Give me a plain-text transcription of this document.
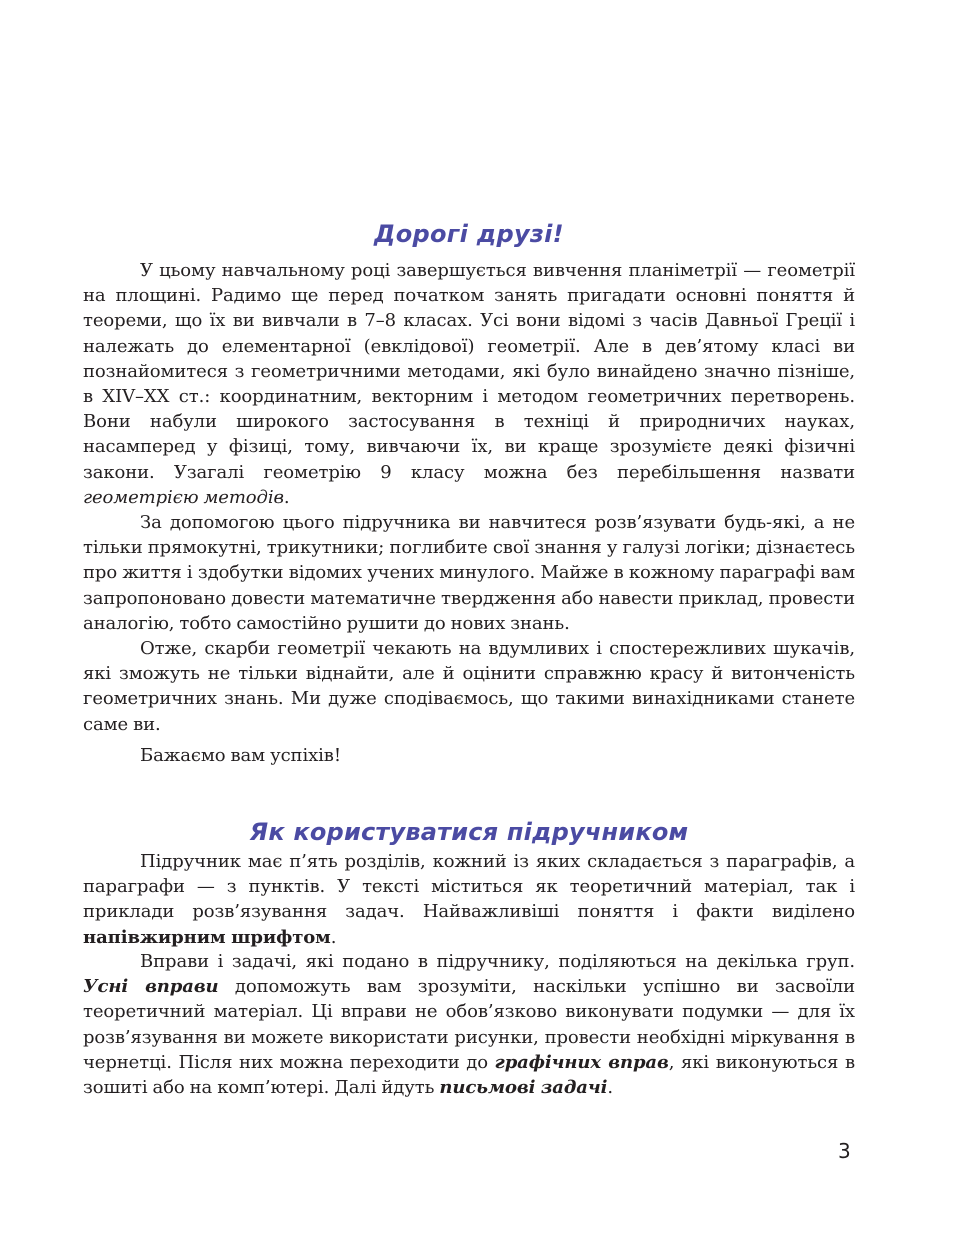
Дорогі друзі!

У цьому навчальному році завершується вивчення планіметрії — геометрії на площині. Радимо ще перед початком занять пригадати основні поняття й теореми, що їх ви вивчали в 7–8 класах. Усі вони відомі з часів Давньої Греції і належать до елементарної (евклідової) геометрії. Але в дев’ятому класі ви познайомитеся з геометричними методами, які було винайдено значно пізніше, в XIV–XX ст.: координатним, векторним і методом геометричних перетворень. Вони набули широкого застосування в техніці й природничих науках, насамперед у фізиці, тому, вивчаючи їх, ви краще зрозумієте деякі фізичні закони. Узагалі геометрію 9 класу можна без перебільшення назвати геометрією методів.

За допомогою цього підручника ви навчитеся розв’язувати будь-які, а не тільки прямокутні, трикутники; поглибите свої знання у галузі логіки; дізнаєтесь про життя і здобутки відомих учених минулого. Майже в кожному параграфі вам запропоновано довести математичне твердження або навести приклад, провести аналогію, тобто самостійно рушити до нових знань.

Отже, скарби геометрії чекають на вдумливих і спостережливих шукачів, які зможуть не тільки віднайти, але й оцінити справжню красу й витонченість геометричних знань. Ми дуже сподіваємось, що такими винахідниками станете саме ви.

Бажаємо вам успіхів!

Як користуватися підручником

Підручник має п’ять розділів, кожний із яких складається з параграфів, а параграфи — з пунктів. У тексті міститься як теоретичний матеріал, так і приклади розв’язування задач. Найважливіші поняття і факти виділено напівжирним шрифтом.

Вправи і задачі, які подано в підручнику, поділяються на декілька груп. Усні вправи допоможуть вам зрозуміти, наскільки успішно ви засвоїли теоретичний матеріал. Ці вправи не обов’язково виконувати подумки — для їх розв’язування ви можете використати рисунки, провести необхідні міркування в чернетці. Після них можна переходити до графічних вправ, які виконуються в зошиті або на комп’ютері. Далі йдуть письмові задачі.

3
